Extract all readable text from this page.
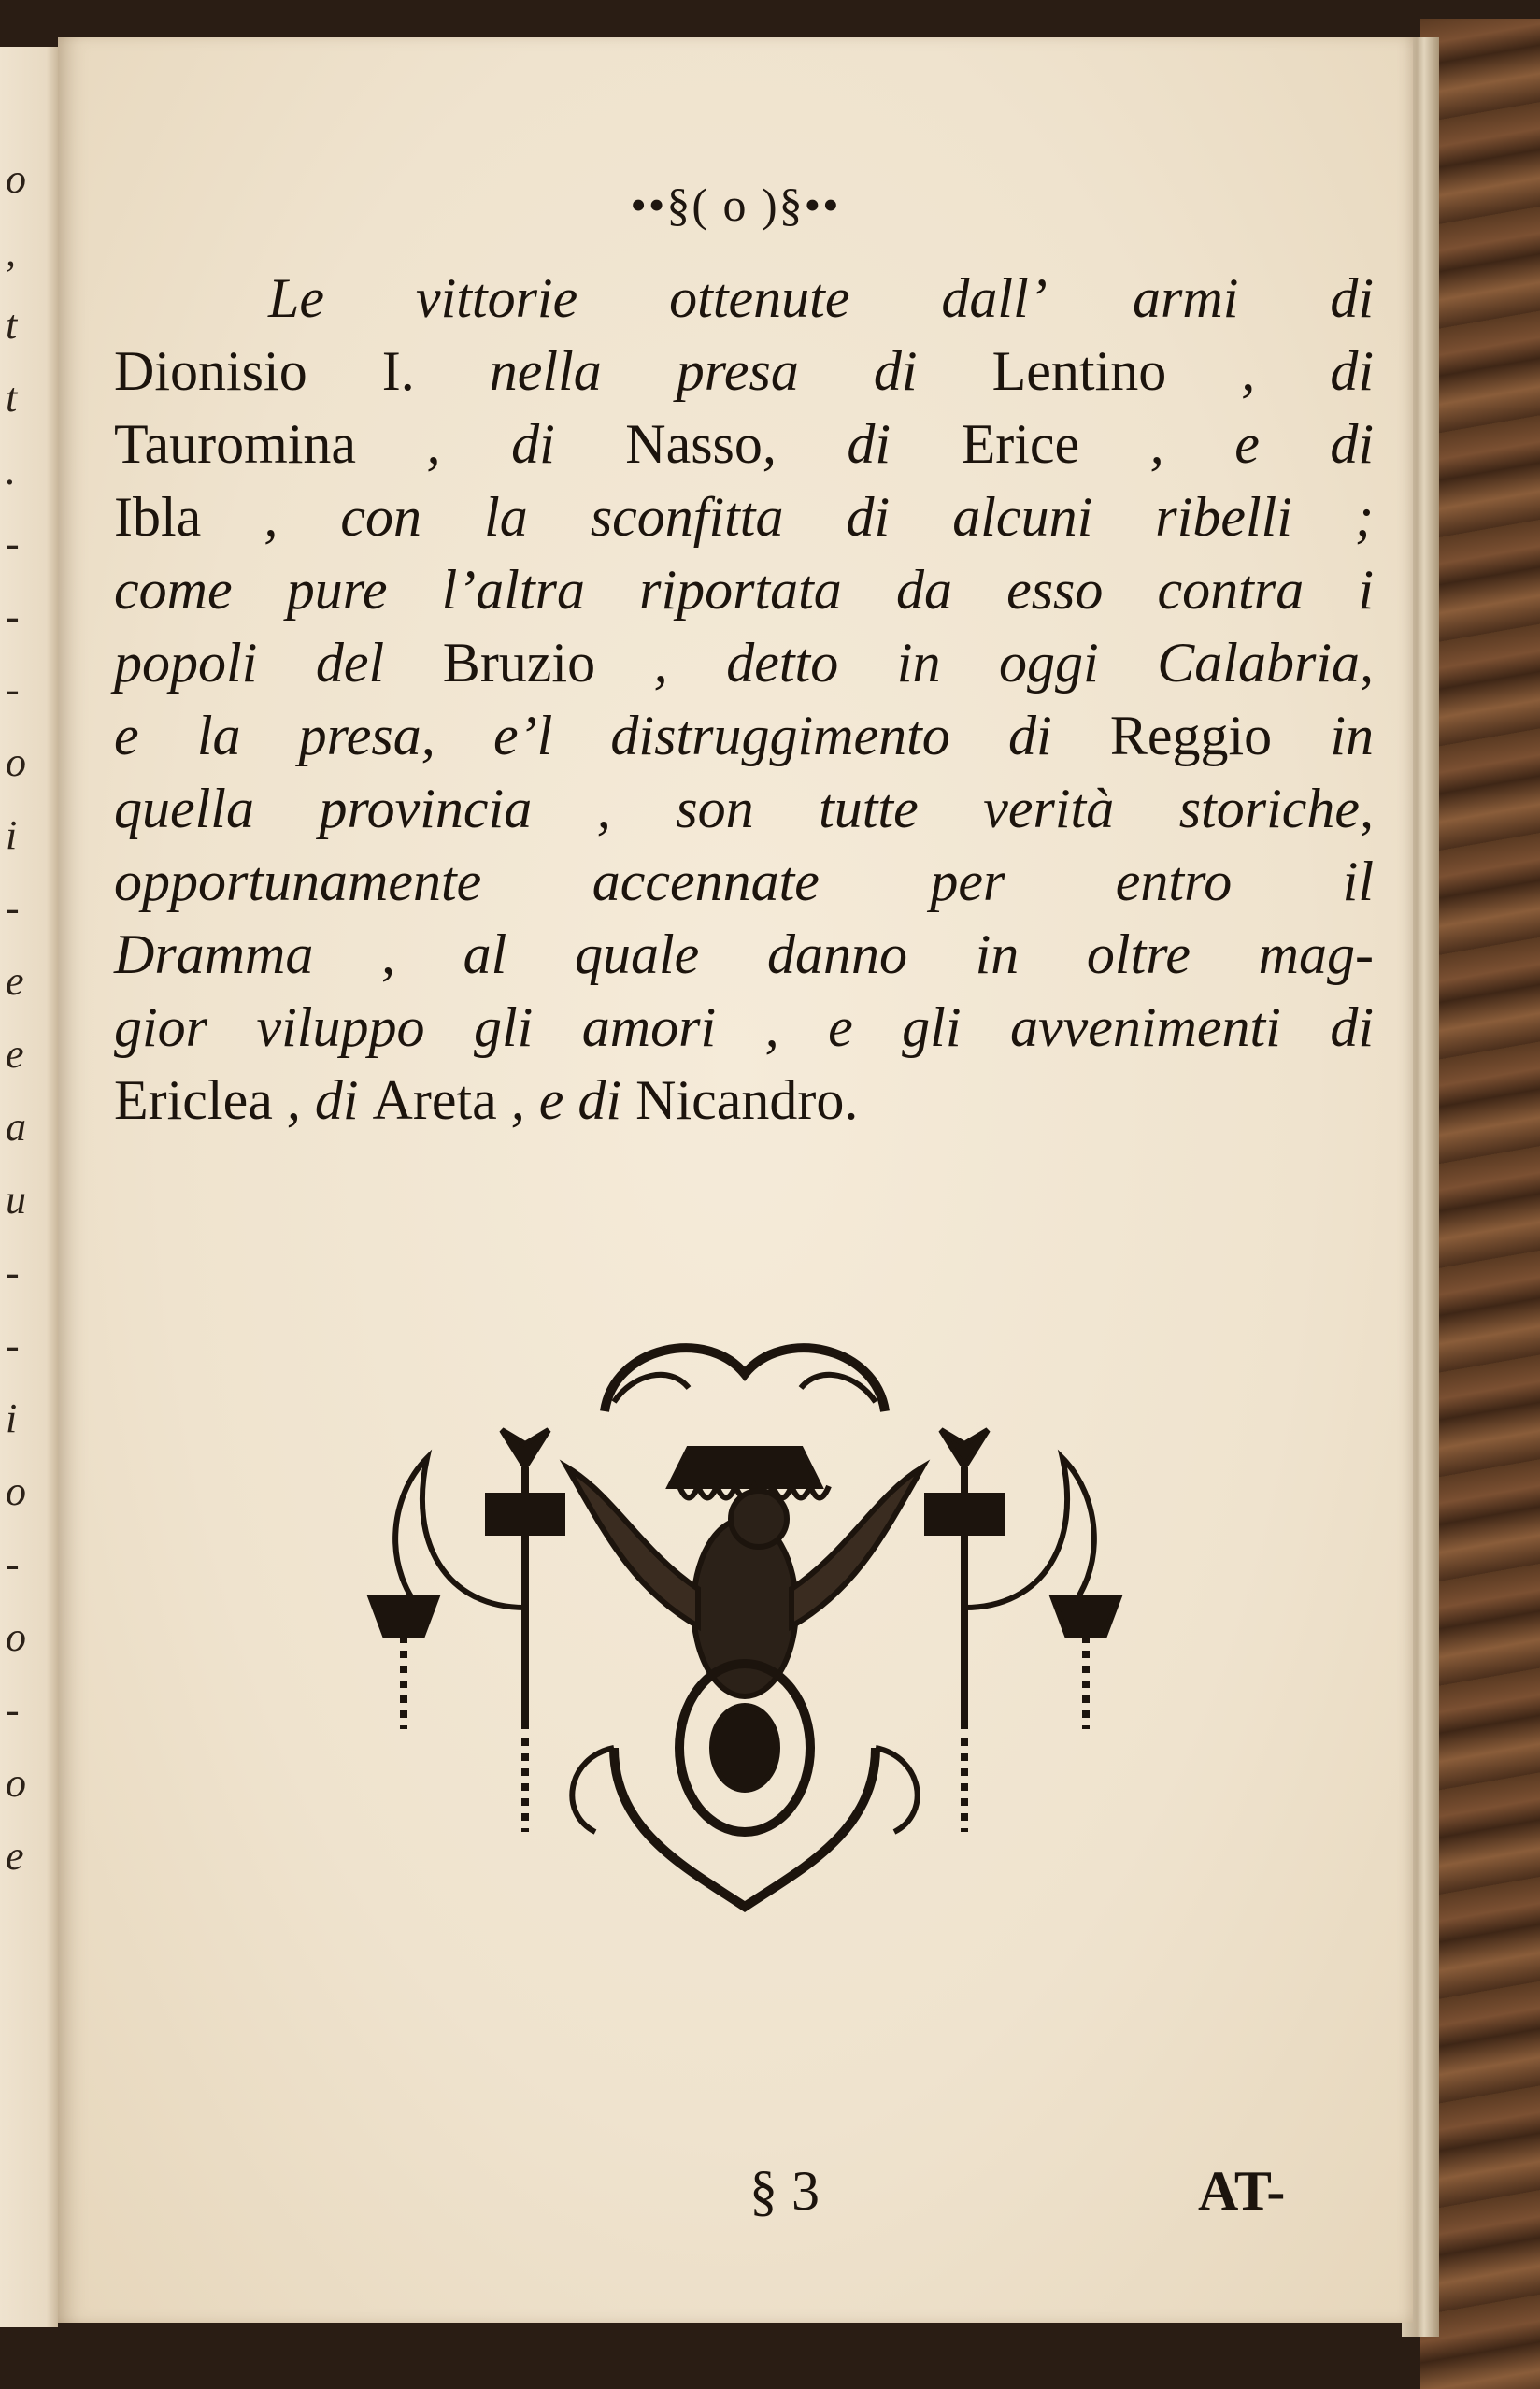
o
,
t
t
.
-
-
-
o
i
-
e
e
a
u
-
-
i
o
-
o
-
o
e
••§( o )§••
Le vittorie ottenute dall’ armi di
Dionisio I. nella presa di Lentino , di
Tauromina , di Nasso, di Erice , e di
Ibla , con la sconfitta di alcuni ribelli ;
come pure l’altra riportata da esso contra i
popoli del Bruzio , detto in oggi Calabria,
e la presa, e’l distruggimento di Reggio in
quella provincia , son tutte verità storiche,
opportunamente accennate per entro il
Dramma , al quale danno in oltre mag-
gior viluppo gli amori , e gli avvenimenti di
Ericlea , di Areta , e di Nicandro.
§ 3	AT-
